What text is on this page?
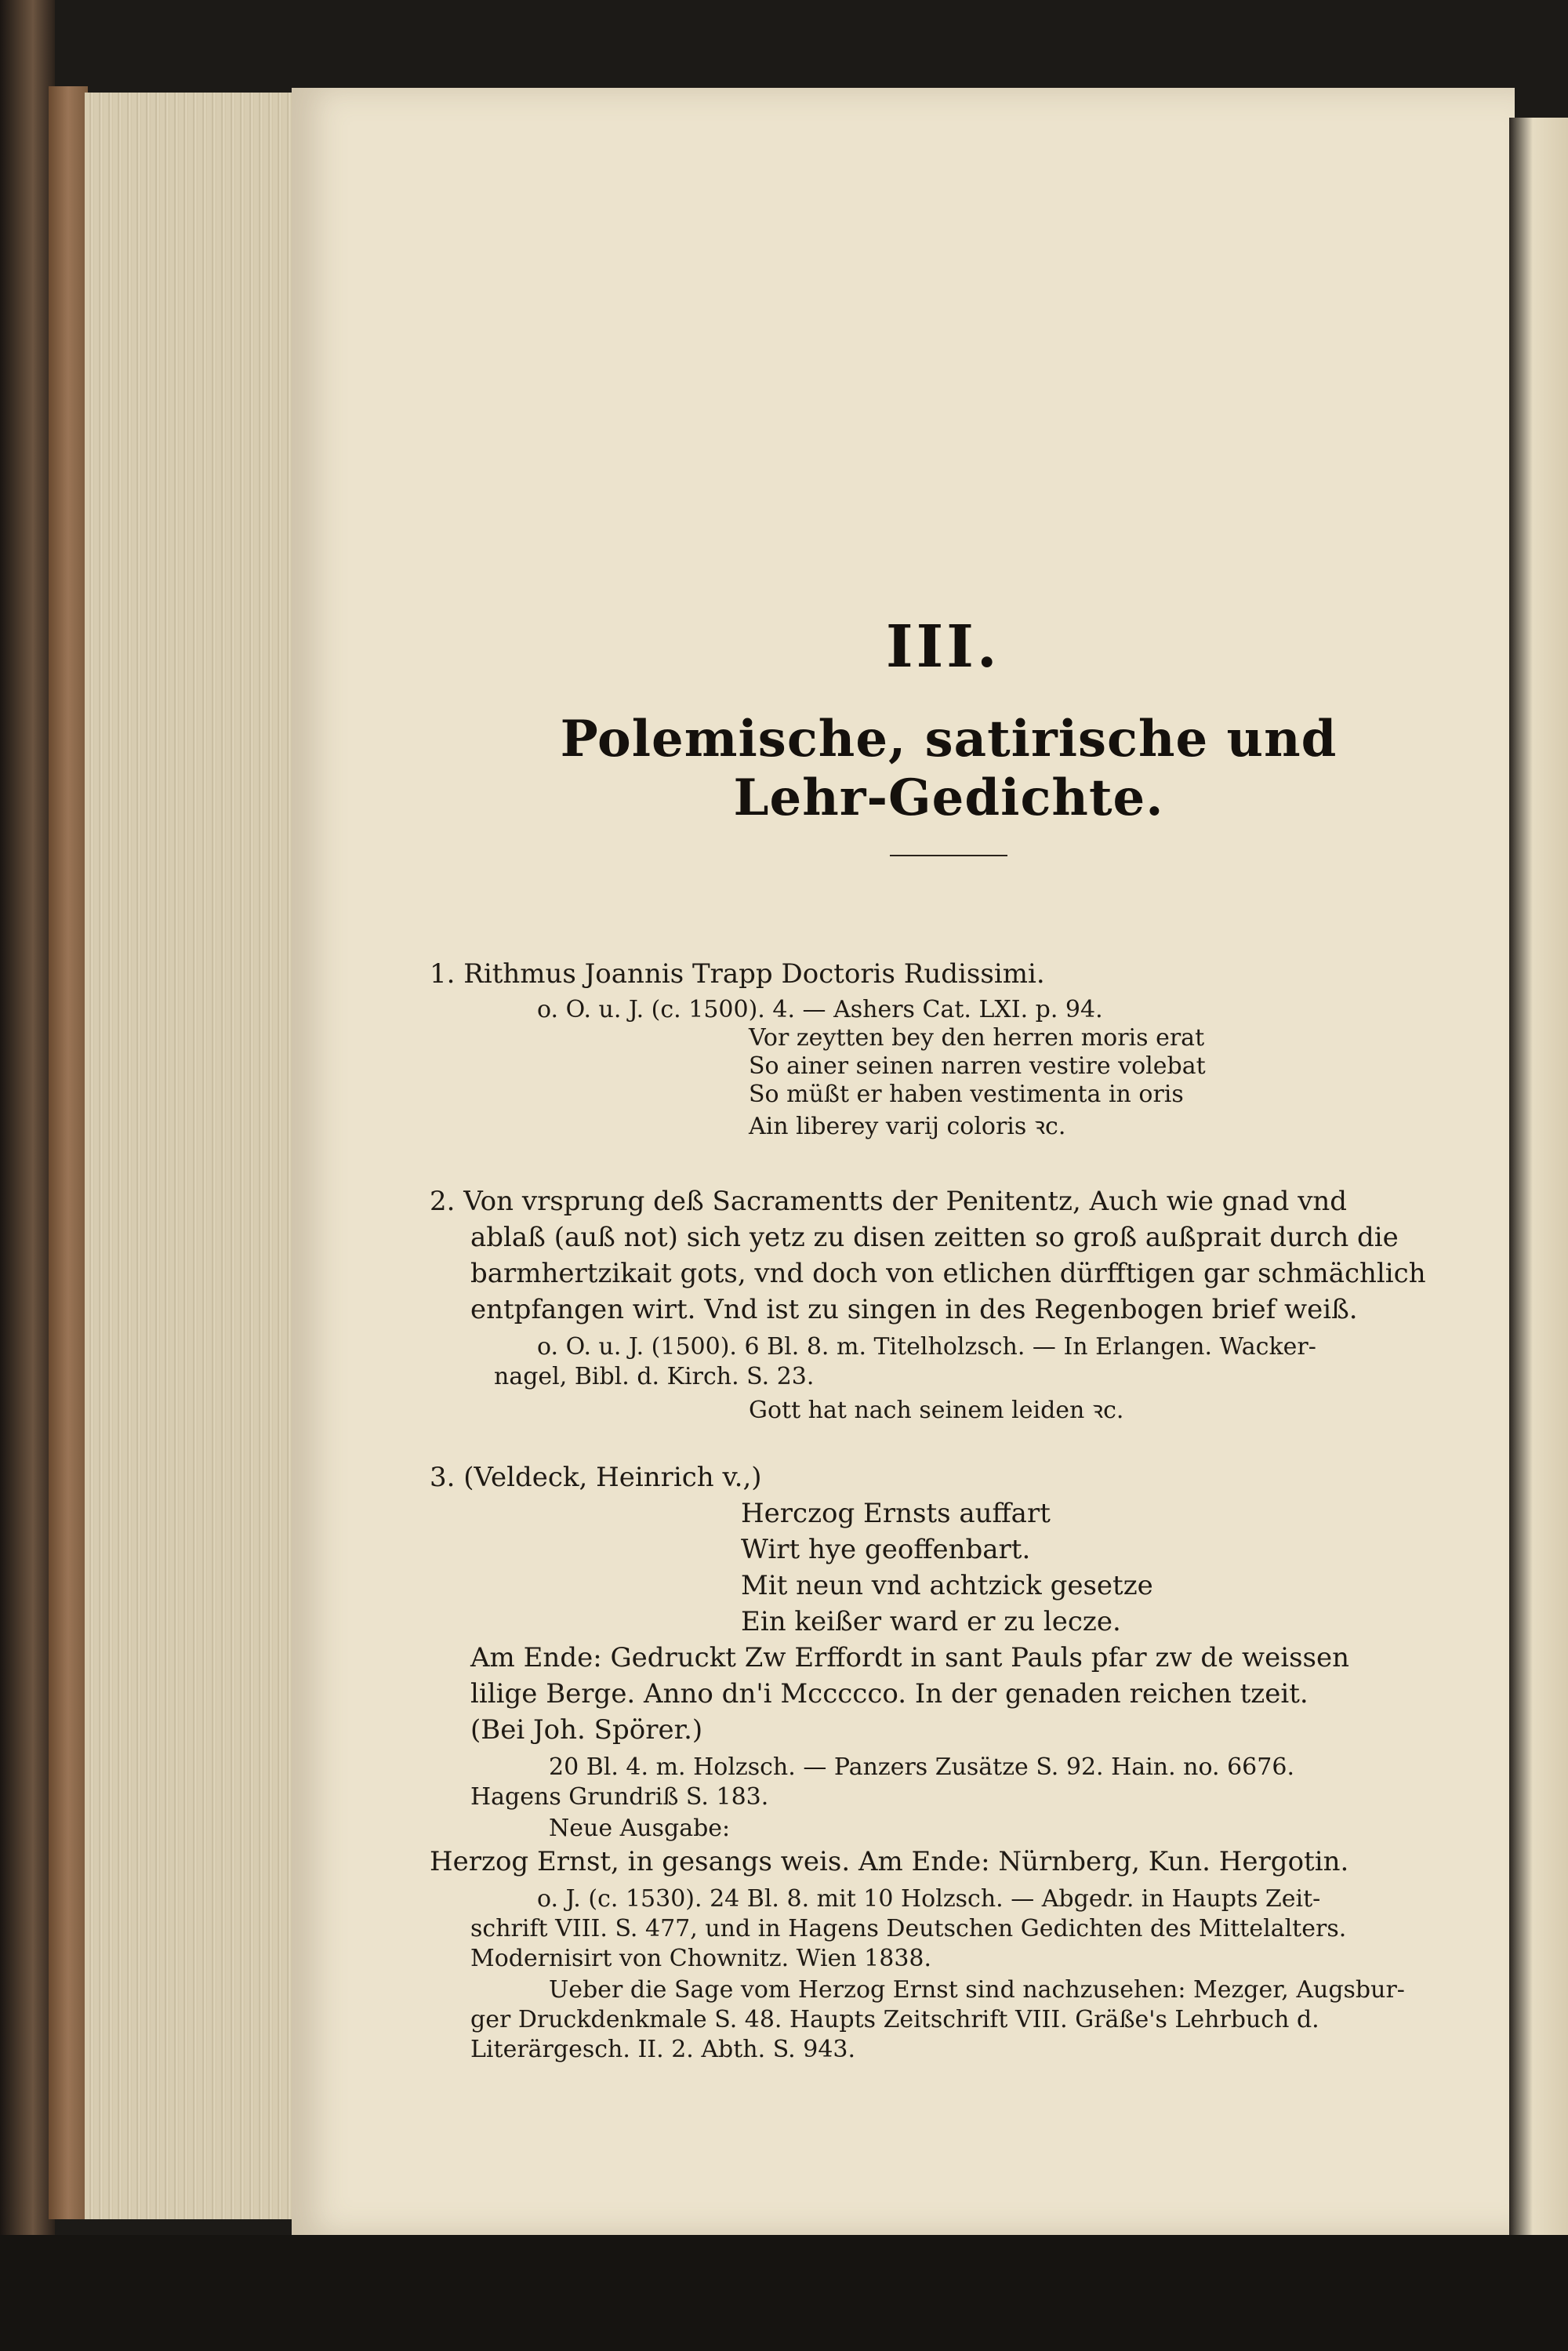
III.
Polemische, satirische und Lehr-Gedichte.
1. Rithmus Joannis Trapp Doctoris Rudissimi.
o. O. u. J. (c. 1500). 4. — Ashers Cat. LXI. p. 94.
Vor zeytten bey den herren moris erat
So ainer seinen narren vestire volebat
So müßt er haben vestimenta in oris
Ain liberey varij coloris ꝛc.
2. Von vrsprung deß Sacramentts der Penitentz, Auch wie gnad vnd
ablaß (auß not) sich yetz zu disen zeitten so groß außprait durch die
barmhertzikait gots, vnd doch von etlichen dürfftigen gar schmächlich
entpfangen wirt. Vnd ist zu singen in des Regenbogen brief weiß.
o. O. u. J. (1500). 6 Bl. 8. m. Titelholzsch. — In Erlangen. Wacker-
nagel, Bibl. d. Kirch. S. 23.
Gott hat nach seinem leiden ꝛc.
3. (Veldeck, Heinrich v.,)
Herczog Ernsts auffart
Wirt hye geoffenbart.
Mit neun vnd achtzick gesetze
Ein keißer ward er zu lecze.
Am Ende: Gedruckt Zw Erffordt in sant Pauls pfar zw de weissen
lilige Berge. Anno dn'i Mccccco. In der genaden reichen tzeit.
(Bei Joh. Spörer.)
20 Bl. 4. m. Holzsch. — Panzers Zusätze S. 92. Hain. no. 6676.
Hagens Grundriß S. 183.
Neue Ausgabe:
Herzog Ernst, in gesangs weis. Am Ende: Nürnberg, Kun. Hergotin.
o. J. (c. 1530). 24 Bl. 8. mit 10 Holzsch. — Abgedr. in Haupts Zeit-
schrift VIII. S. 477, und in Hagens Deutschen Gedichten des Mittelalters.
Modernisirt von Chownitz. Wien 1838.
Ueber die Sage vom Herzog Ernst sind nachzusehen: Mezger, Augsbur-
ger Druckdenkmale S. 48. Haupts Zeitschrift VIII. Gräße's Lehrbuch d.
Literärgesch. II. 2. Abth. S. 943.
